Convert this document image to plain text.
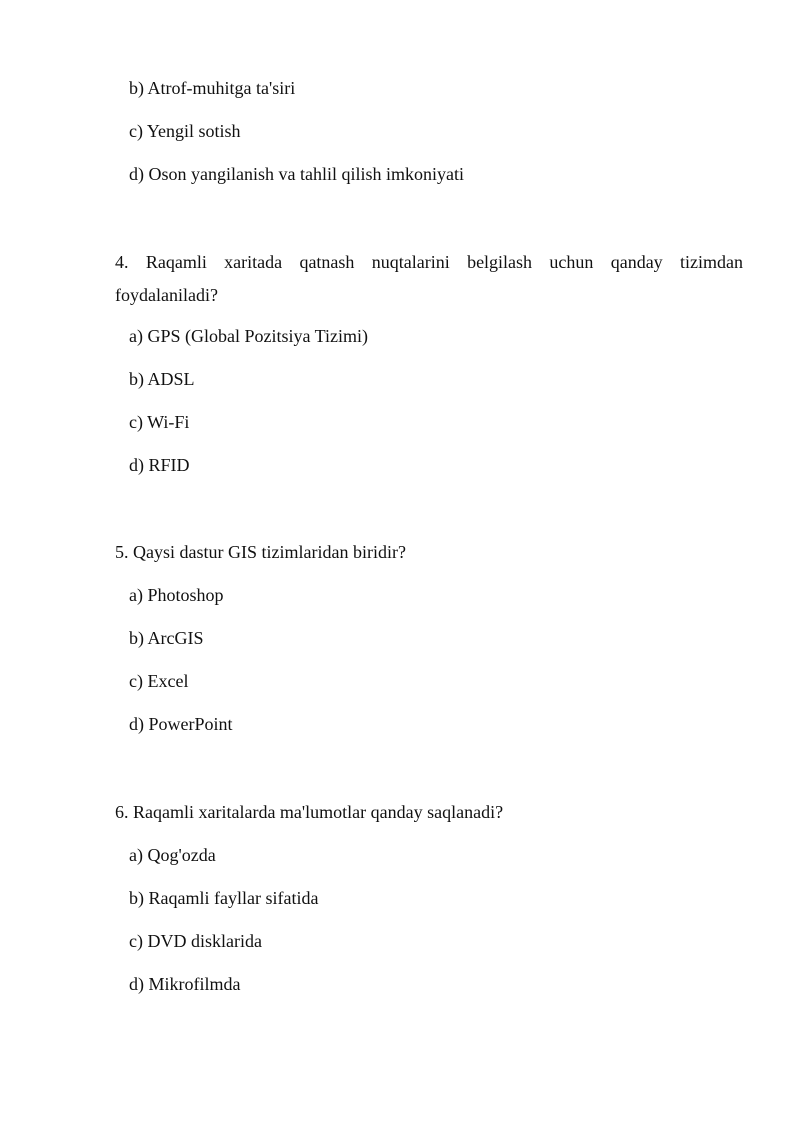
b) Atrof-muhitga ta'siri
c) Yengil sotish
d) Oson yangilanish va tahlil qilish imkoniyati
4. Raqamli xaritada qatnash nuqtalarini belgilash uchun qanday tizimdan foydalaniladi?
a) GPS (Global Pozitsiya Tizimi)
b) ADSL
c) Wi-Fi
d) RFID
5. Qaysi dastur GIS tizimlaridan biridir?
a) Photoshop
b) ArcGIS
c) Excel
d) PowerPoint
6. Raqamli xaritalarda ma'lumotlar qanday saqlanadi?
a) Qog'ozda
b) Raqamli fayllar sifatida
c) DVD disklarida
d) Mikrofilmda
